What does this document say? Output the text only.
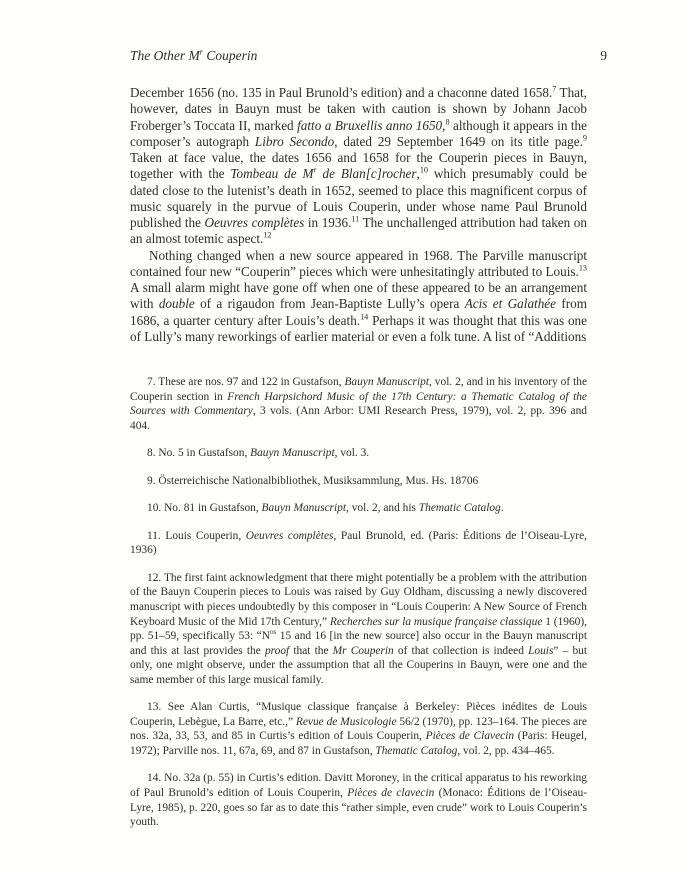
The Other $M^r$ Couperin	9

December 1656 (no. 135 in Paul Brunold’s edition) and a chaconne dated 1658.$^7$ That, however, dates in Bauyn must be taken with caution is shown by Johann Jacob Froberger’s Toccata II, marked fatto a Bruxellis anno 1650,$^8$ although it appears in the composer’s autograph Libro Secondo, dated 29 September 1649 on its title page.$^9$ Taken at face value, the dates 1656 and 1658 for the Couperin pieces in Bauyn, together with the Tombeau de $M^r$ de Blan[c]rocher,$^{10}$ which presumably could be dated close to the lutenist’s death in 1652, seemed to place this magnificent corpus of music squarely in the purvue of Louis Couperin, under whose name Paul Brunold published the Oeuvres complètes in 1936.11 The unchallenged attribution had taken on an almost totemic aspect.$^{12}$

Nothing changed when a new source appeared in 1968. The Parville manuscript contained four new “Couperin” pieces which were unhesitatingly attributed to Louis.$^{13}$ A small alarm might have gone off when one of these appeared to be an arrangement with double of a rigaudon from Jean-Baptiste Lully’s opera Acis et Galathée from 1686, a quarter century after Louis’s death.$^{14}$ Perhaps it was thought that this was one of Lully’s many reworkings of earlier material or even a folk tune. A list of “Additions

7. These are nos. 97 and 122 in Gustafson, Bauyn Manuscript, vol. 2, and in his inventory of the Couperin section in French Harpsichord Music of the 17th Century: a Thematic Catalog of the Sources with Commentary, 3 vols. (Ann Arbor: UMI Research Press, 1979), vol. 2, pp. 396 and 404.

8. No. 5 in Gustafson, Bauyn Manuscript, vol. 3.

9. Österreichische Nationalbibliothek, Musiksammlung, Mus. Hs. 18706

10. No. 81 in Gustafson, Bauyn Manuscript, vol. 2, and his Thematic Catalog.

11. Louis Couperin, Oeuvres complètes, Paul Brunold, ed. (Paris: Éditions de l’Oiseau-Lyre, 1936)

12. The first faint acknowledgment that there might potentially be a problem with the attribution of the Bauyn Couperin pieces to Louis was raised by Guy Oldham, discussing a newly discovered manuscript with pieces undoubtedly by this composer in “Louis Couperin: A New Source of French Keyboard Music of the Mid 17th Century,” Recherches sur la musique française classique 1 (1960), pp. 51–59, specifically 53: “$N^{os}$ 15 and 16 [in the new source] also occur in the Bauyn manuscript and this at last provides the proof that the Mr Couperin of that collection is indeed Louis” – but only, one might observe, under the assumption that all the Couperins in Bauyn, were one and the same member of this large musical family.

13. See Alan Curtis, “Musique classique française à Berkeley: Pièces inédites de Louis Couperin, Lebègue, La Barre, etc.,” Revue de Musicologie 56/2 (1970), pp. 123–164. The pieces are nos. 32a, 33, 53, and 85 in Curtis’s edition of Louis Couperin, Pièces de Clavecin (Paris: Heugel, 1972); Parville nos. 11, 67a, 69, and 87 in Gustafson, Thematic Catalog, vol. 2, pp. 434–465.

14. No. 32a (p. 55) in Curtis’s edition. Davitt Moroney, in the critical apparatus to his reworking of Paul Brunold’s edition of Louis Couperin, Pièces de clavecin (Monaco: Éditions de l’Oiseau-Lyre, 1985), p. 220, goes so far as to date this “rather simple, even crude” work to Louis Couperin’s youth.
